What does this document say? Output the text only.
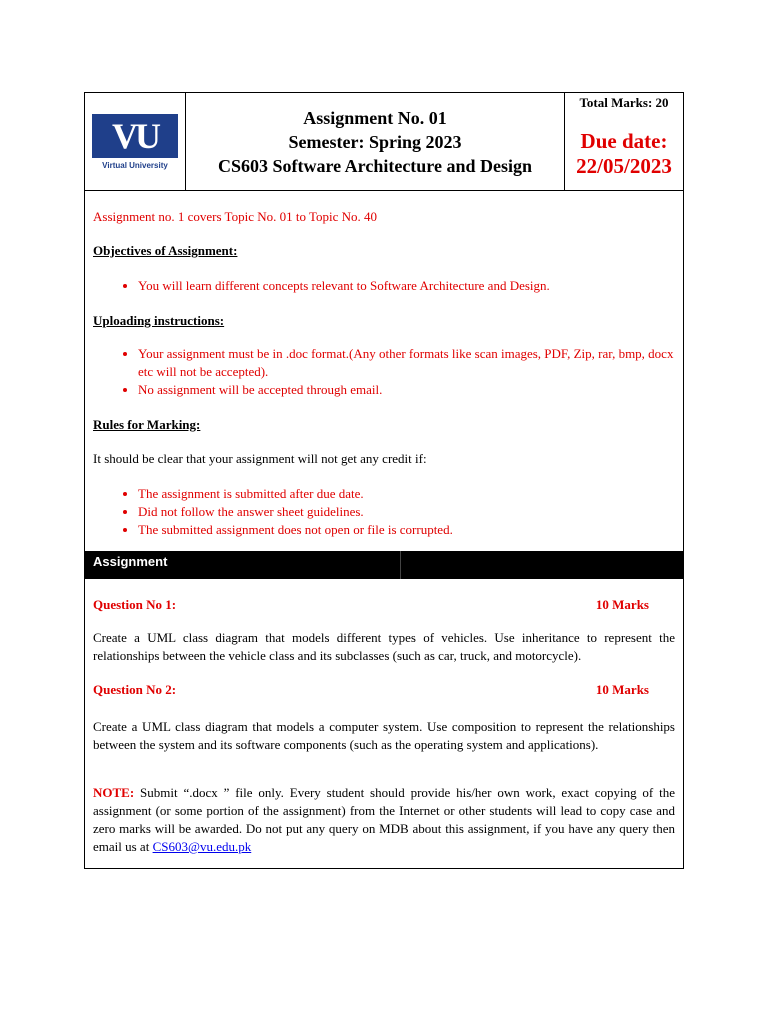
VU
Virtual University
Assignment No. 01
Semester: Spring 2023
CS603 Software Architecture and Design
Total Marks: 20
Due date:
22/05/2023

Assignment no. 1 covers Topic No. 01 to Topic No. 40

Objectives of Assignment:

• You will learn different concepts relevant to Software Architecture and Design.

Uploading instructions:

• Your assignment must be in .doc format.(Any other formats like scan images, PDF, Zip, rar, bmp, docx etc will not be accepted).
• No assignment will be accepted through email.

Rules for Marking:

It should be clear that your assignment will not get any credit if:

• The assignment is submitted after due date.
• Did not follow the answer sheet guidelines.
• The submitted assignment does not open or file is corrupted.
Assignment
Question No 1:	10 Marks

Create a UML class diagram that models different types of vehicles. Use inheritance to represent the relationships between the vehicle class and its subclasses (such as car, truck, and motorcycle).

Question No 2:	10 Marks

Create a UML class diagram that models a computer system. Use composition to represent the relationships between the system and its software components (such as the operating system and applications).

NOTE: Submit “.docx ” file only. Every student should provide his/her own work, exact copying of the assignment (or some portion of the assignment) from the Internet or other students will lead to copy case and zero marks will be awarded. Do not put any query on MDB about this assignment, if you have any query then email us at CS603@vu.edu.pk
